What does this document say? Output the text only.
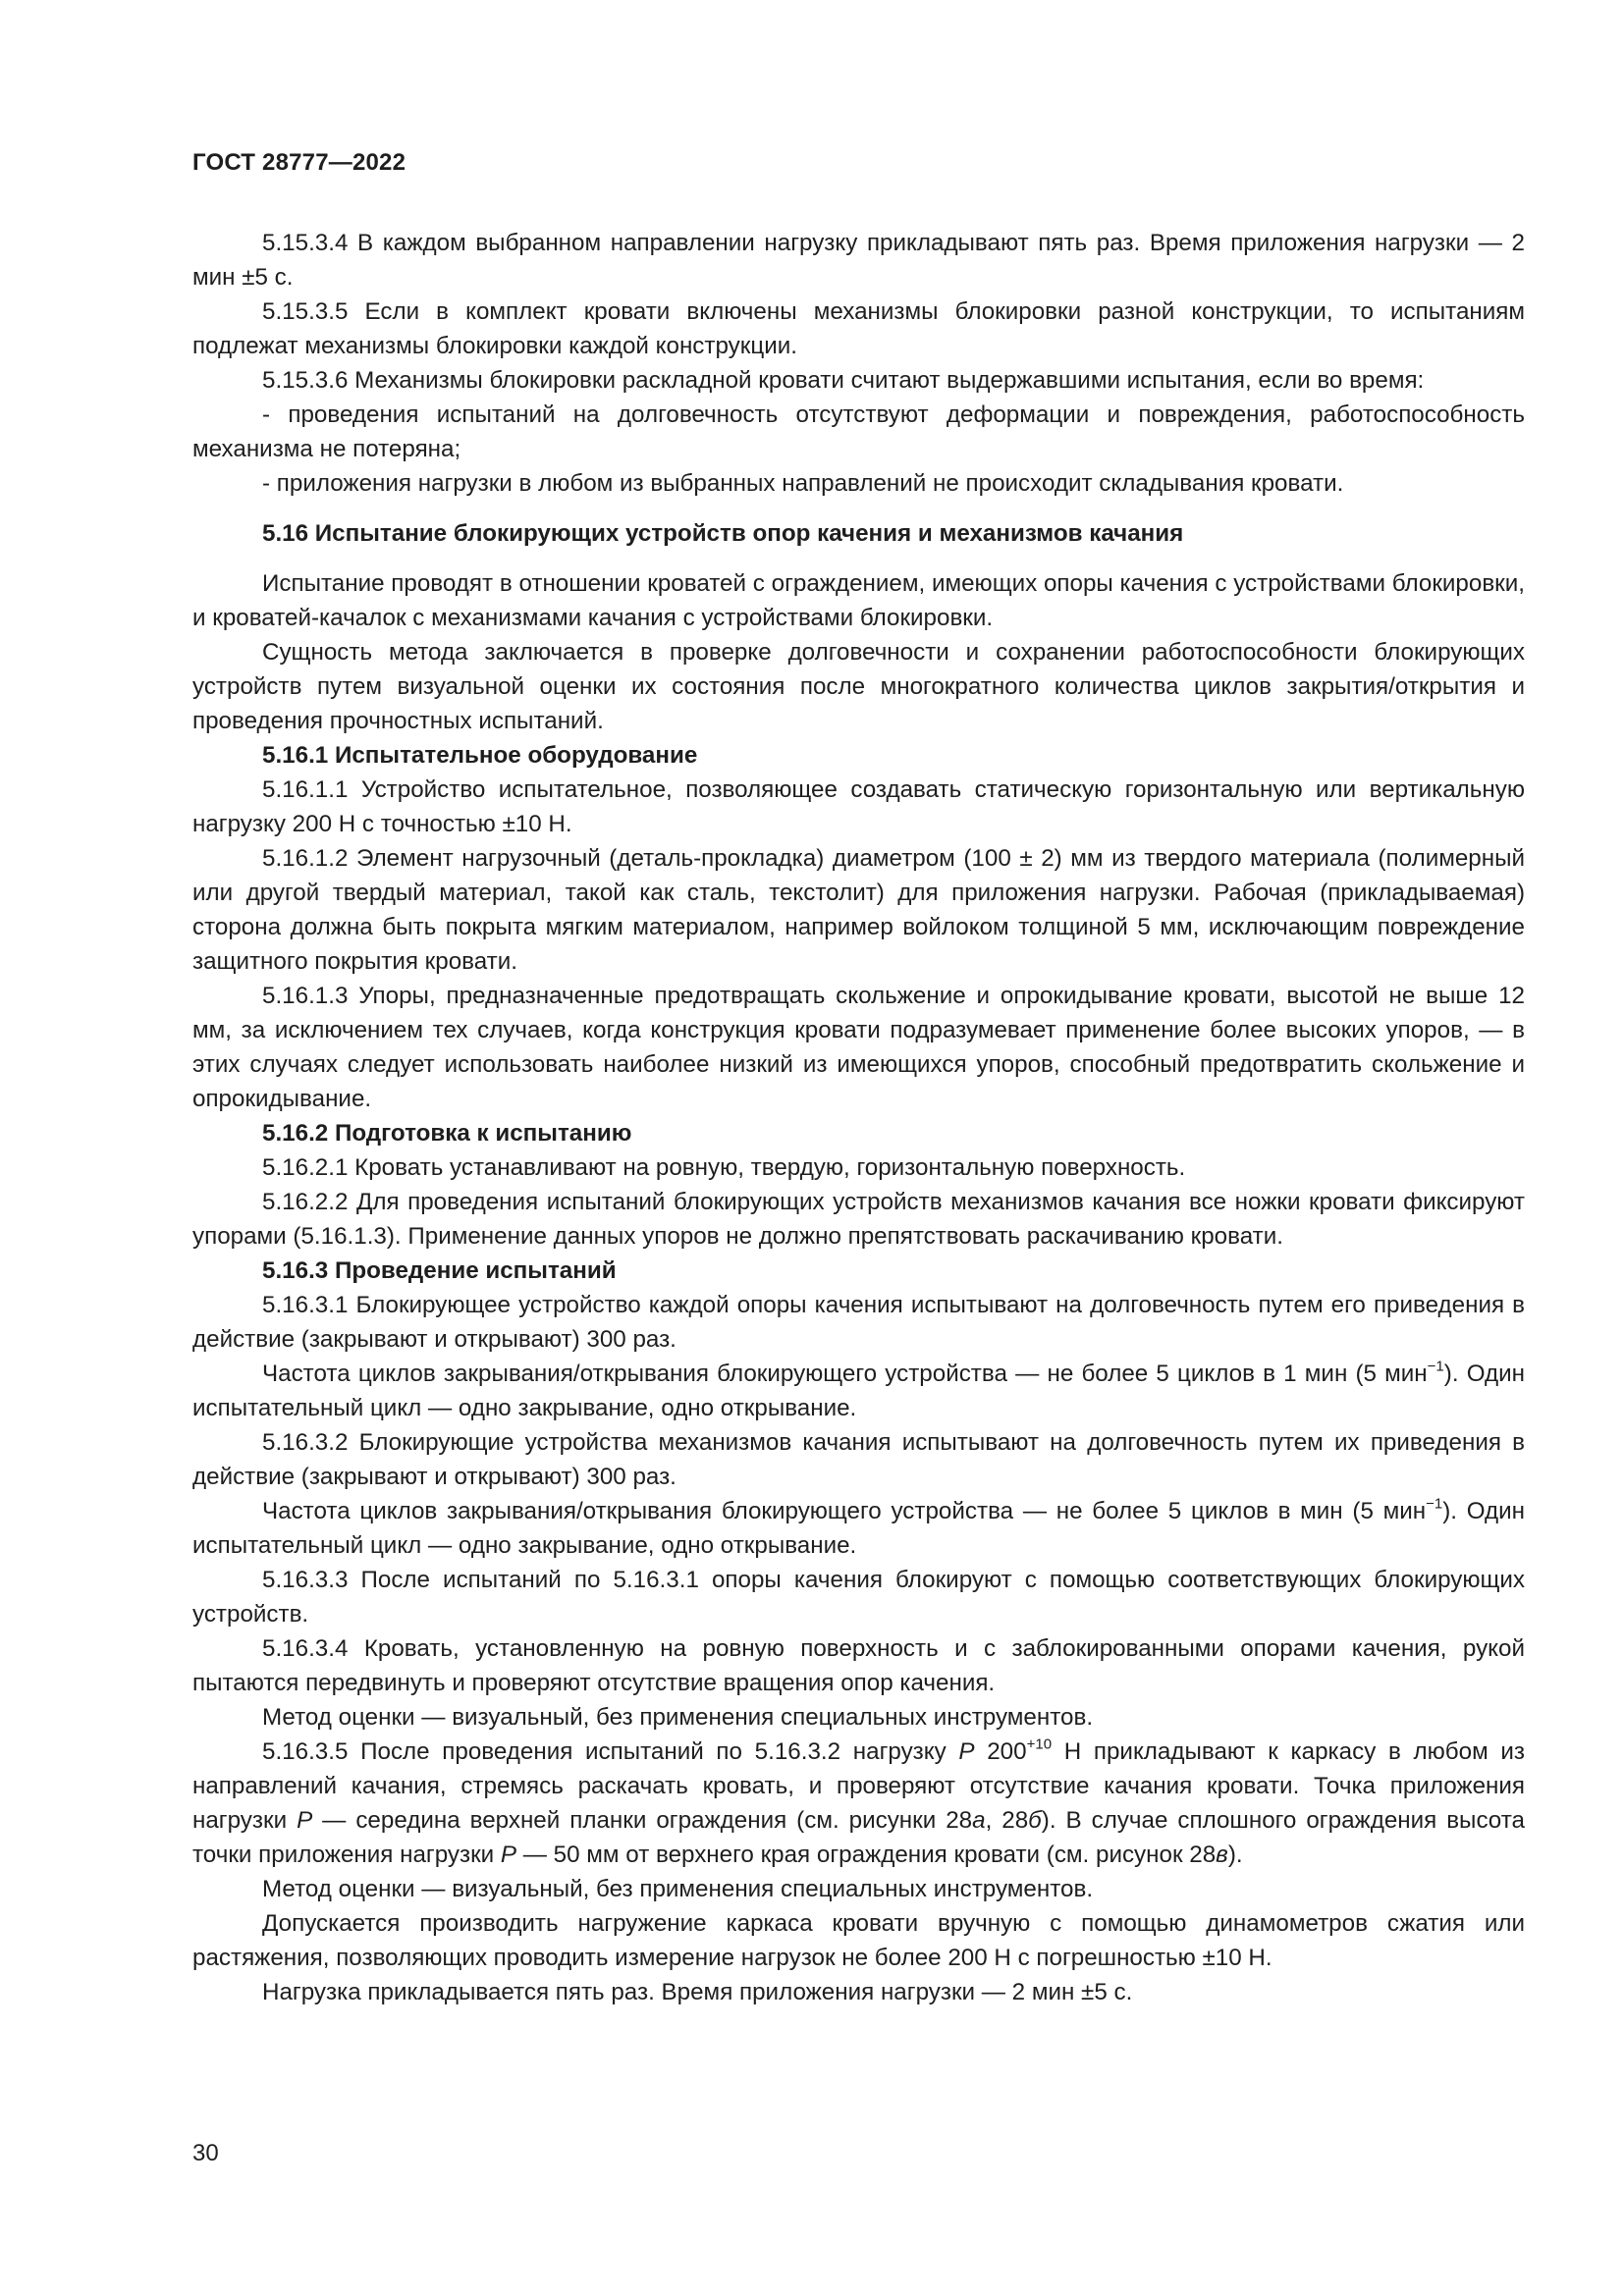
ГОСТ 28777—2022

5.15.3.4 В каждом выбранном направлении нагрузку прикладывают пять раз. Время приложения нагрузки — 2 мин ±5 с.

5.15.3.5 Если в комплект кровати включены механизмы блокировки разной конструкции, то испытаниям подлежат механизмы блокировки каждой конструкции.

5.15.3.6 Механизмы блокировки раскладной кровати считают выдержавшими испытания, если во время:

- проведения испытаний на долговечность отсутствуют деформации и повреждения, работоспособность механизма не потеряна;

- приложения нагрузки в любом из выбранных направлений не происходит складывания кровати.

5.16 Испытание блокирующих устройств опор качения и механизмов качания

Испытание проводят в отношении кроватей с ограждением, имеющих опоры качения с устройствами блокировки, и кроватей-качалок с механизмами качания с устройствами блокировки.

Сущность метода заключается в проверке долговечности и сохранении работоспособности блокирующих устройств путем визуальной оценки их состояния после многократного количества циклов закрытия/открытия и проведения прочностных испытаний.

5.16.1 Испытательное оборудование

5.16.1.1 Устройство испытательное, позволяющее создавать статическую горизонтальную или вертикальную нагрузку 200 Н с точностью ±10 Н.

5.16.1.2 Элемент нагрузочный (деталь-прокладка) диаметром (100 ± 2) мм из твердого материала (полимерный или другой твердый материал, такой как сталь, текстолит) для приложения нагрузки. Рабочая (прикладываемая) сторона должна быть покрыта мягким материалом, например войлоком толщиной 5 мм, исключающим повреждение защитного покрытия кровати.

5.16.1.3 Упоры, предназначенные предотвращать скольжение и опрокидывание кровати, высотой не выше 12 мм, за исключением тех случаев, когда конструкция кровати подразумевает применение более высоких упоров, — в этих случаях следует использовать наиболее низкий из имеющихся упоров, способный предотвратить скольжение и опрокидывание.

5.16.2 Подготовка к испытанию

5.16.2.1 Кровать устанавливают на ровную, твердую, горизонтальную поверхность.

5.16.2.2 Для проведения испытаний блокирующих устройств механизмов качания все ножки кровати фиксируют упорами (5.16.1.3). Применение данных упоров не должно препятствовать раскачиванию кровати.

5.16.3 Проведение испытаний

5.16.3.1 Блокирующее устройство каждой опоры качения испытывают на долговечность путем его приведения в действие (закрывают и открывают) 300 раз.

Частота циклов закрывания/открывания блокирующего устройства — не более 5 циклов в 1 мин (5 мин$^{-1}$). Один испытательный цикл — одно закрывание, одно открывание.

5.16.3.2 Блокирующие устройства механизмов качания испытывают на долговечность путем их приведения в действие (закрывают и открывают) 300 раз.

Частота циклов закрывания/открывания блокирующего устройства — не более 5 циклов в мин (5 мин$^{-1}$). Один испытательный цикл — одно закрывание, одно открывание.

5.16.3.3 После испытаний по 5.16.3.1 опоры качения блокируют с помощью соответствующих блокирующих устройств.

5.16.3.4 Кровать, установленную на ровную поверхность и с заблокированными опорами качения, рукой пытаются передвинуть и проверяют отсутствие вращения опор качения.

Метод оценки — визуальный, без применения специальных инструментов.

5.16.3.5 После проведения испытаний по 5.16.3.2 нагрузку P $200^{+10}$ Н прикладывают к каркасу в любом из направлений качания, стремясь раскачать кровать, и проверяют отсутствие качания кровати. Точка приложения нагрузки P — середина верхней планки ограждения (см. рисунки 28а, 28б). В случае сплошного ограждения высота точки приложения нагрузки P — 50 мм от верхнего края ограждения кровати (см. рисунок 28в).

Метод оценки — визуальный, без применения специальных инструментов.

Допускается производить нагружение каркаса кровати вручную с помощью динамометров сжатия или растяжения, позволяющих проводить измерение нагрузок не более 200 Н с погрешностью ±10 Н.

Нагрузка прикладывается пять раз. Время приложения нагрузки — 2 мин ±5 с.

30
